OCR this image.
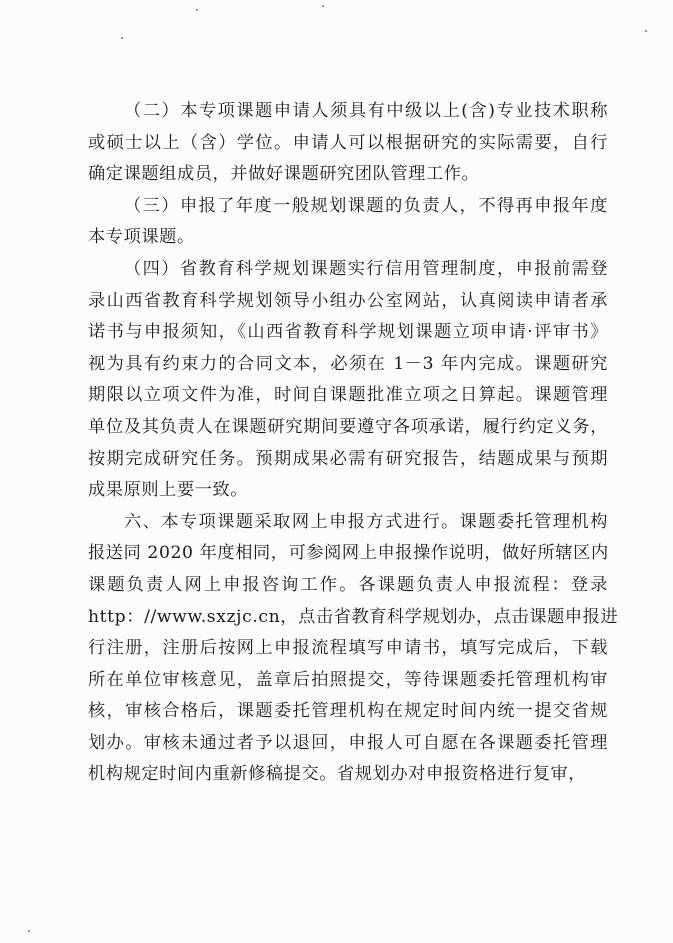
（二）本专项课题申请人须具有中级以上(含)专业技术职称
或硕士以上（含）学位。申请人可以根据研究的实际需要，自行
确定课题组成员，并做好课题研究团队管理工作。
（三）申报了年度一般规划课题的负责人，不得再申报年度
本专项课题。
（四）省教育科学规划课题实行信用管理制度，申报前需登
录山西省教育科学规划领导小组办公室网站，认真阅读申请者承
诺书与申报须知，《山西省教育科学规划课题立项申请·评审书》
视为具有约束力的合同文本，必须在 1－3 年内完成。课题研究
期限以立项文件为准，时间自课题批准立项之日算起。课题管理
单位及其负责人在课题研究期间要遵守各项承诺，履行约定义务，
按期完成研究任务。预期成果必需有研究报告，结题成果与预期
成果原则上要一致。
六、本专项课题采取网上申报方式进行。课题委托管理机构
报送同 2020 年度相同，可参阅网上申报操作说明，做好所辖区内
课题负责人网上申报咨询工作。各课题负责人申报流程：登录
http：//www.sxzjc.cn，点击省教育科学规划办，点击课题申报进
行注册，注册后按网上申报流程填写申请书，填写完成后，下载
所在单位审核意见，盖章后拍照提交，等待课题委托管理机构审
核，审核合格后，课题委托管理机构在规定时间内统一提交省规
划办。审核未通过者予以退回，申报人可自愿在各课题委托管理
机构规定时间内重新修稿提交。省规划办对申报资格进行复审，
